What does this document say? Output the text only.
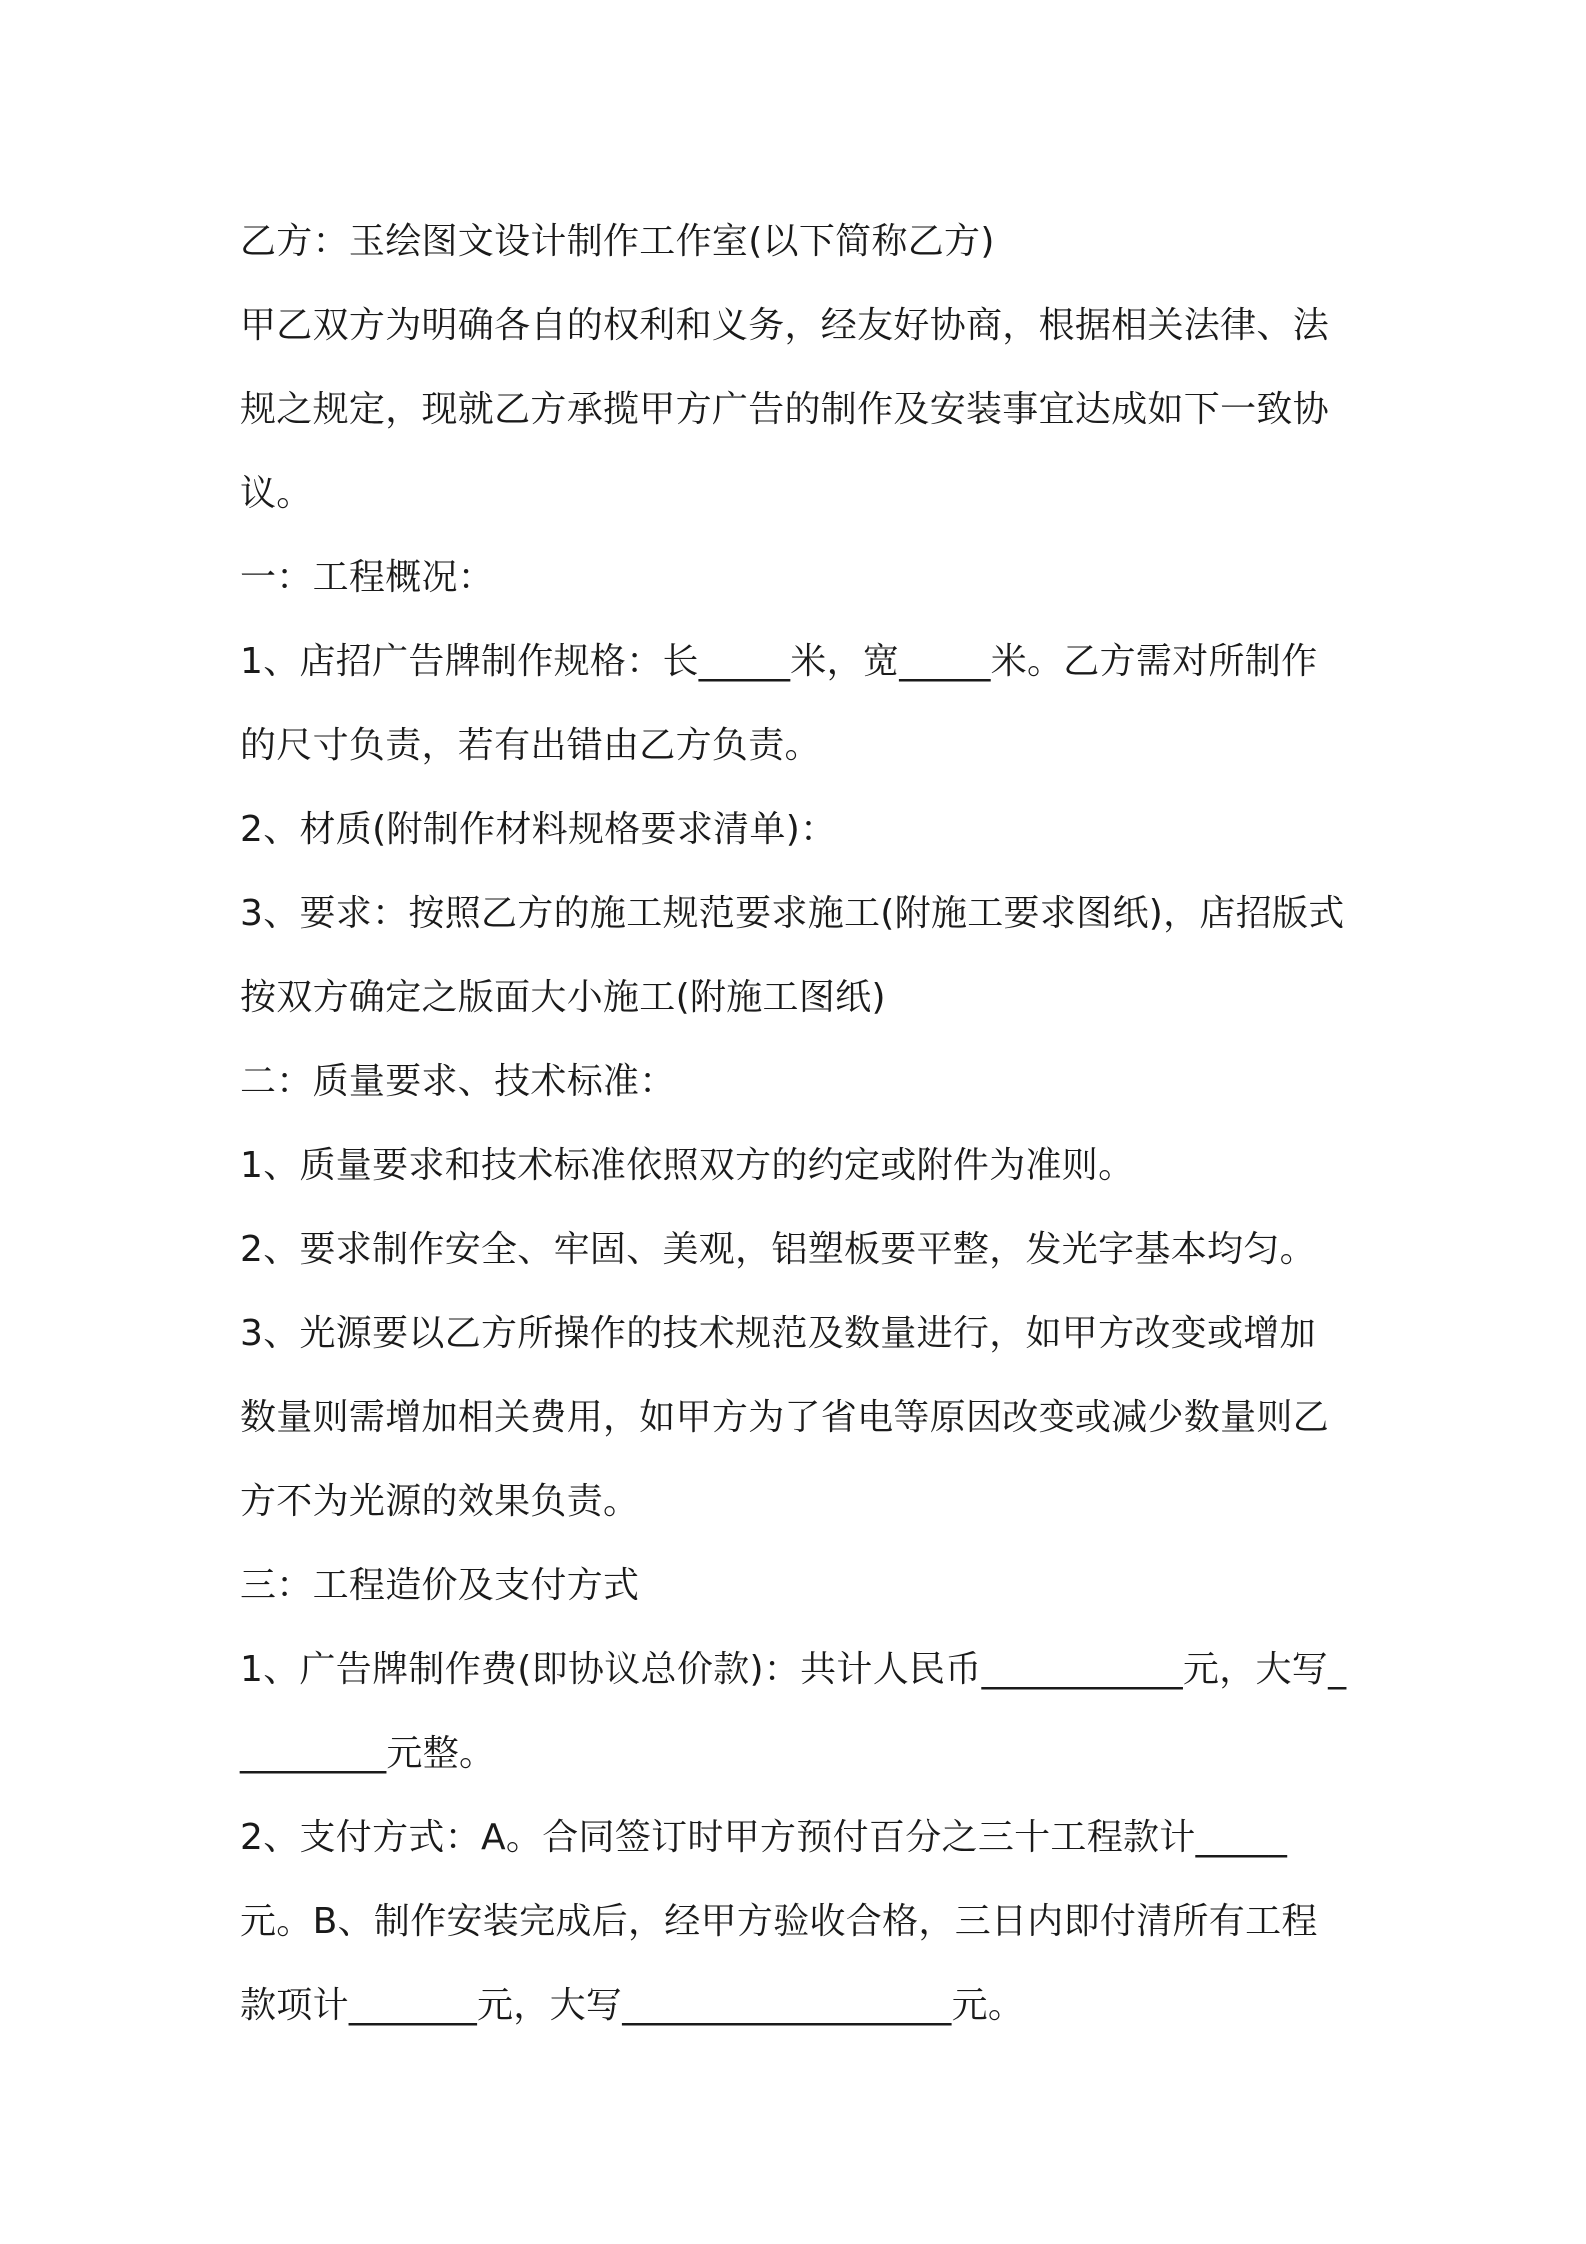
乙方：玉绘图文设计制作工作室(以下简称乙方)

甲乙双方为明确各自的权利和义务，经友好协商，根据相关法律、法规之规定，现就乙方承揽甲方广告的制作及安装事宜达成如下一致协议。

一：工程概况：

1、店招广告牌制作规格：长_____米，宽_____米。乙方需对所制作的尺寸负责，若有出错由乙方负责。

2、材质(附制作材料规格要求清单)：

3、要求：按照乙方的施工规范要求施工(附施工要求图纸)，店招版式按双方确定之版面大小施工(附施工图纸)

二：质量要求、技术标准：

1、质量要求和技术标准依照双方的约定或附件为准则。

2、要求制作安全、牢固、美观，铝塑板要平整，发光字基本均匀。

3、光源要以乙方所操作的技术规范及数量进行，如甲方改变或增加数量则需增加相关费用，如甲方为了省电等原因改变或减少数量则乙方不为光源的效果负责。

三：工程造价及支付方式

1、广告牌制作费(即协议总价款)：共计人民币___________元，大写_________元整。

2、支付方式：A。合同签订时甲方预付百分之三十工程款计_____元。B、制作安装完成后，经甲方验收合格，三日内即付清所有工程款项计_______元，大写__________________元。
